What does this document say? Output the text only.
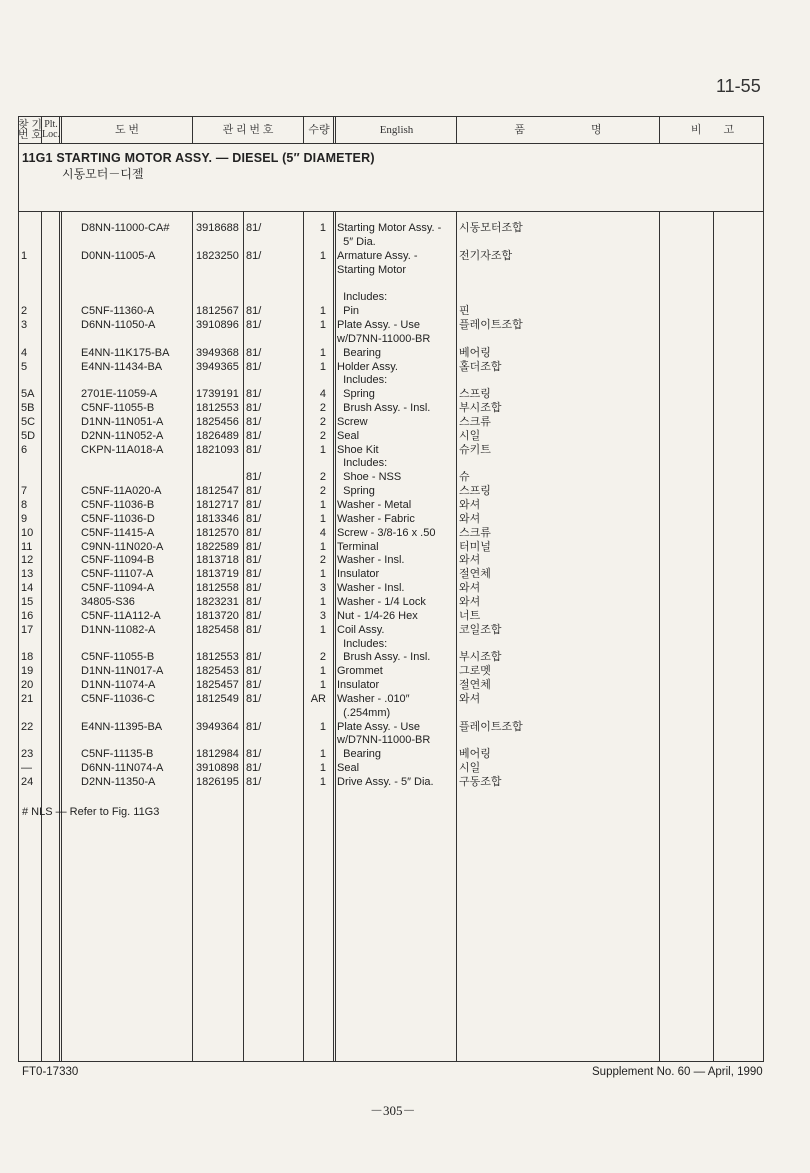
11-55
찾 기
번 호
Plt.
Loc.	도 번	관 리 번 호	수량	English	품                        명	비        고
11G1 STARTING MOTOR ASSY. — DIESEL (5″ DIAMETER)
시동모터－디젤
D8NN-11000-CA# 3918688 81/	1 Starting Motor Assy. - 시동모터조합
5″ Dia.
1	D0NN-11005-A	1823250 81/	1 Armature Assy. -	전기자조합
Starting Motor
Includes:
2	C5NF-11360-A	1812567 81/	1 Pin	핀
3	D6NN-11050-A	3910896 81/	1 Plate Assy. - Use	플레이트조합
w/D7NN-11000-BR
4	E4NN-11K175-BA 3949368 81/	1 Bearing	베어링
5	E4NN-11434-BA	3949365 81/	1 Holder Assy.	홀더조합
Includes:
5A	2701E-11059-A	1739191 81/	4 Spring	스프링
5B	C5NF-11055-B	1812553 81/	2 Brush Assy. - Insl.	부시조합
5C	D1NN-11N051-A	1825456 81/	2 Screw	스크류
5D	D2NN-11N052-A	1826489 81/	2 Seal	시일
6	CKPN-11A018-A	1821093 81/	1 Shoe Kit	슈키트
Includes:
81/	2 Shoe - NSS	슈
7	C5NF-11A020-A	1812547 81/	2 Spring	스프링
8	C5NF-11036-B	1812717 81/	1 Washer - Metal	와셔
9	C5NF-11036-D	1813346 81/	1 Washer - Fabric	와셔
10	C5NF-11415-A	1812570 81/	4 Screw - 3/8-16 x .50 스크류
11	C9NN-11N020-A	1822589 81/	1 Terminal	터미널
12	C5NF-11094-B	1813718 81/	2 Washer - Insl.	와셔
13	C5NF-11107-A	1813719 81/	1 Insulator	절연체
14	C5NF-11094-A	1812558 81/	3 Washer - Insl.	와셔
15	34805-S36	1823231 81/	1 Washer - 1/4 Lock	와셔
16	C5NF-11A112-A	1813720 81/	3 Nut - 1/4-26 Hex	너트
17	D1NN-11082-A	1825458 81/	1 Coil Assy.	코일조합
Includes:
18	C5NF-11055-B	1812553 81/	2 Brush Assy. - Insl.	부시조합
19	D1NN-11N017-A	1825453 81/	1 Grommet	그로멧
20	D1NN-11074-A	1825457 81/	1 Insulator	절연체
21	C5NF-11036-C	1812549 81/	AR Washer - .010″	와셔
(.254mm)
22	E4NN-11395-BA	3949364 81/	1 Plate Assy. - Use	플레이트조합
w/D7NN-11000-BR
23	C5NF-11135-B	1812984 81/	1 Bearing	베어링
—	D6NN-11N074-A	3910898 81/	1 Seal	시일
24	D2NN-11350-A	1826195 81/	1 Drive Assy. - 5″ Dia. 구동조합
# NLS — Refer to Fig. 11G3
FT0-17330	Supplement No. 60 — April, 1990
－305－
